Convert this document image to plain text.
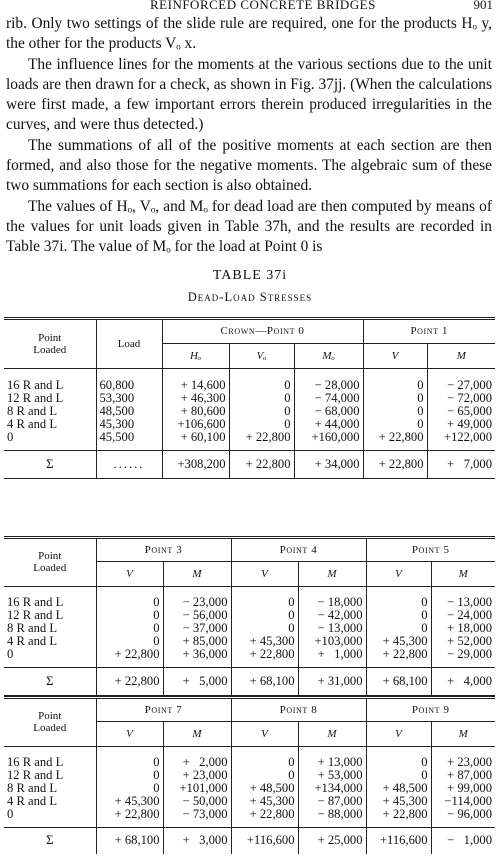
REINFORCED CONCRETE BRIDGES	901

rib. Only two settings of the slide rule are required, one for the products Hₒ y, the other for the products Vₒ x.

The influence lines for the moments at the various sections due to the unit loads are then drawn for a check, as shown in Fig. 37jj. (When the calculations were first made, a few important errors therein produced irregularities in the curves, and were thus detected.)

The summations of all of the positive moments at each section are then formed, and also those for the negative moments. The algebraic sum of these two summations for each section is also obtained.

The values of Hₒ, Vₒ, and Mₒ for dead load are then computed by means of the values for unit loads given in Table 37h, and the results are recorded in Table 37i. The value of Mₒ for the load at Point 0 is

TABLE 37i
Dead-Load Stresses
Point Loaded	Load	Crown—Point 0			Point 1	
		Hₒ	Vₒ	Mₒ	V	M
16 R and L	60,800	+ 14,600	0	− 28,000	0	− 27,000
12 R and L	53,300	+ 46,300	0	− 74,000	0	− 72,000
8 R and L	48,500	+ 80,600	0	− 68,000	0	− 65,000
4 R and L	45,300	+106,600	0	+ 44,000	0	+ 49,000
0	45,500	+ 60,100	+ 22,800	+160,000	+ 22,800	+122,000
Σ	......	+308,200	+ 22,800	+ 34,000	+ 22,800	+   7,000
Point Loaded	Point 3		Point 4		Point 5	
	V	M	V	M	V	M
16 R and L	0	− 23,000	0	− 18,000	0	− 13,000
12 R and L	0	− 56,000	0	− 42,000	0	− 24,000
8 R and L	0	− 37,000	0	− 13,000	0	+ 18,000
4 R and L	0	+ 85,000	+ 45,300	+103,000	+ 45,300	+ 52,000
0	+ 22,800	+ 36,000	+ 22,800	+   1,000	+ 22,800	− 29,000
Σ	+ 22,800	+   5,000	+ 68,100	+ 31,000	+ 68,100	+   4,000
Point Loaded	Point 7		Point 8		Point 9	
	V	M	V	M	V	M
16 R and L	0	+   2,000	0	+ 13,000	0	+ 23,000
12 R and L	0	+ 23,000	0	+ 53,000	0	+ 87,000
8 R and L	0	+101,000	+ 48,500	+134,000	+ 48,500	+ 99,000
4 R and L	+ 45,300	− 50,000	+ 45,300	− 87,000	+ 45,300	−114,000
0	+ 22,800	− 73,000	+ 22,800	− 88,000	+ 22,800	− 96,000
Σ	+ 68,100	+   3,000	+116,600	+ 25,000	+116,600	−   1,000
